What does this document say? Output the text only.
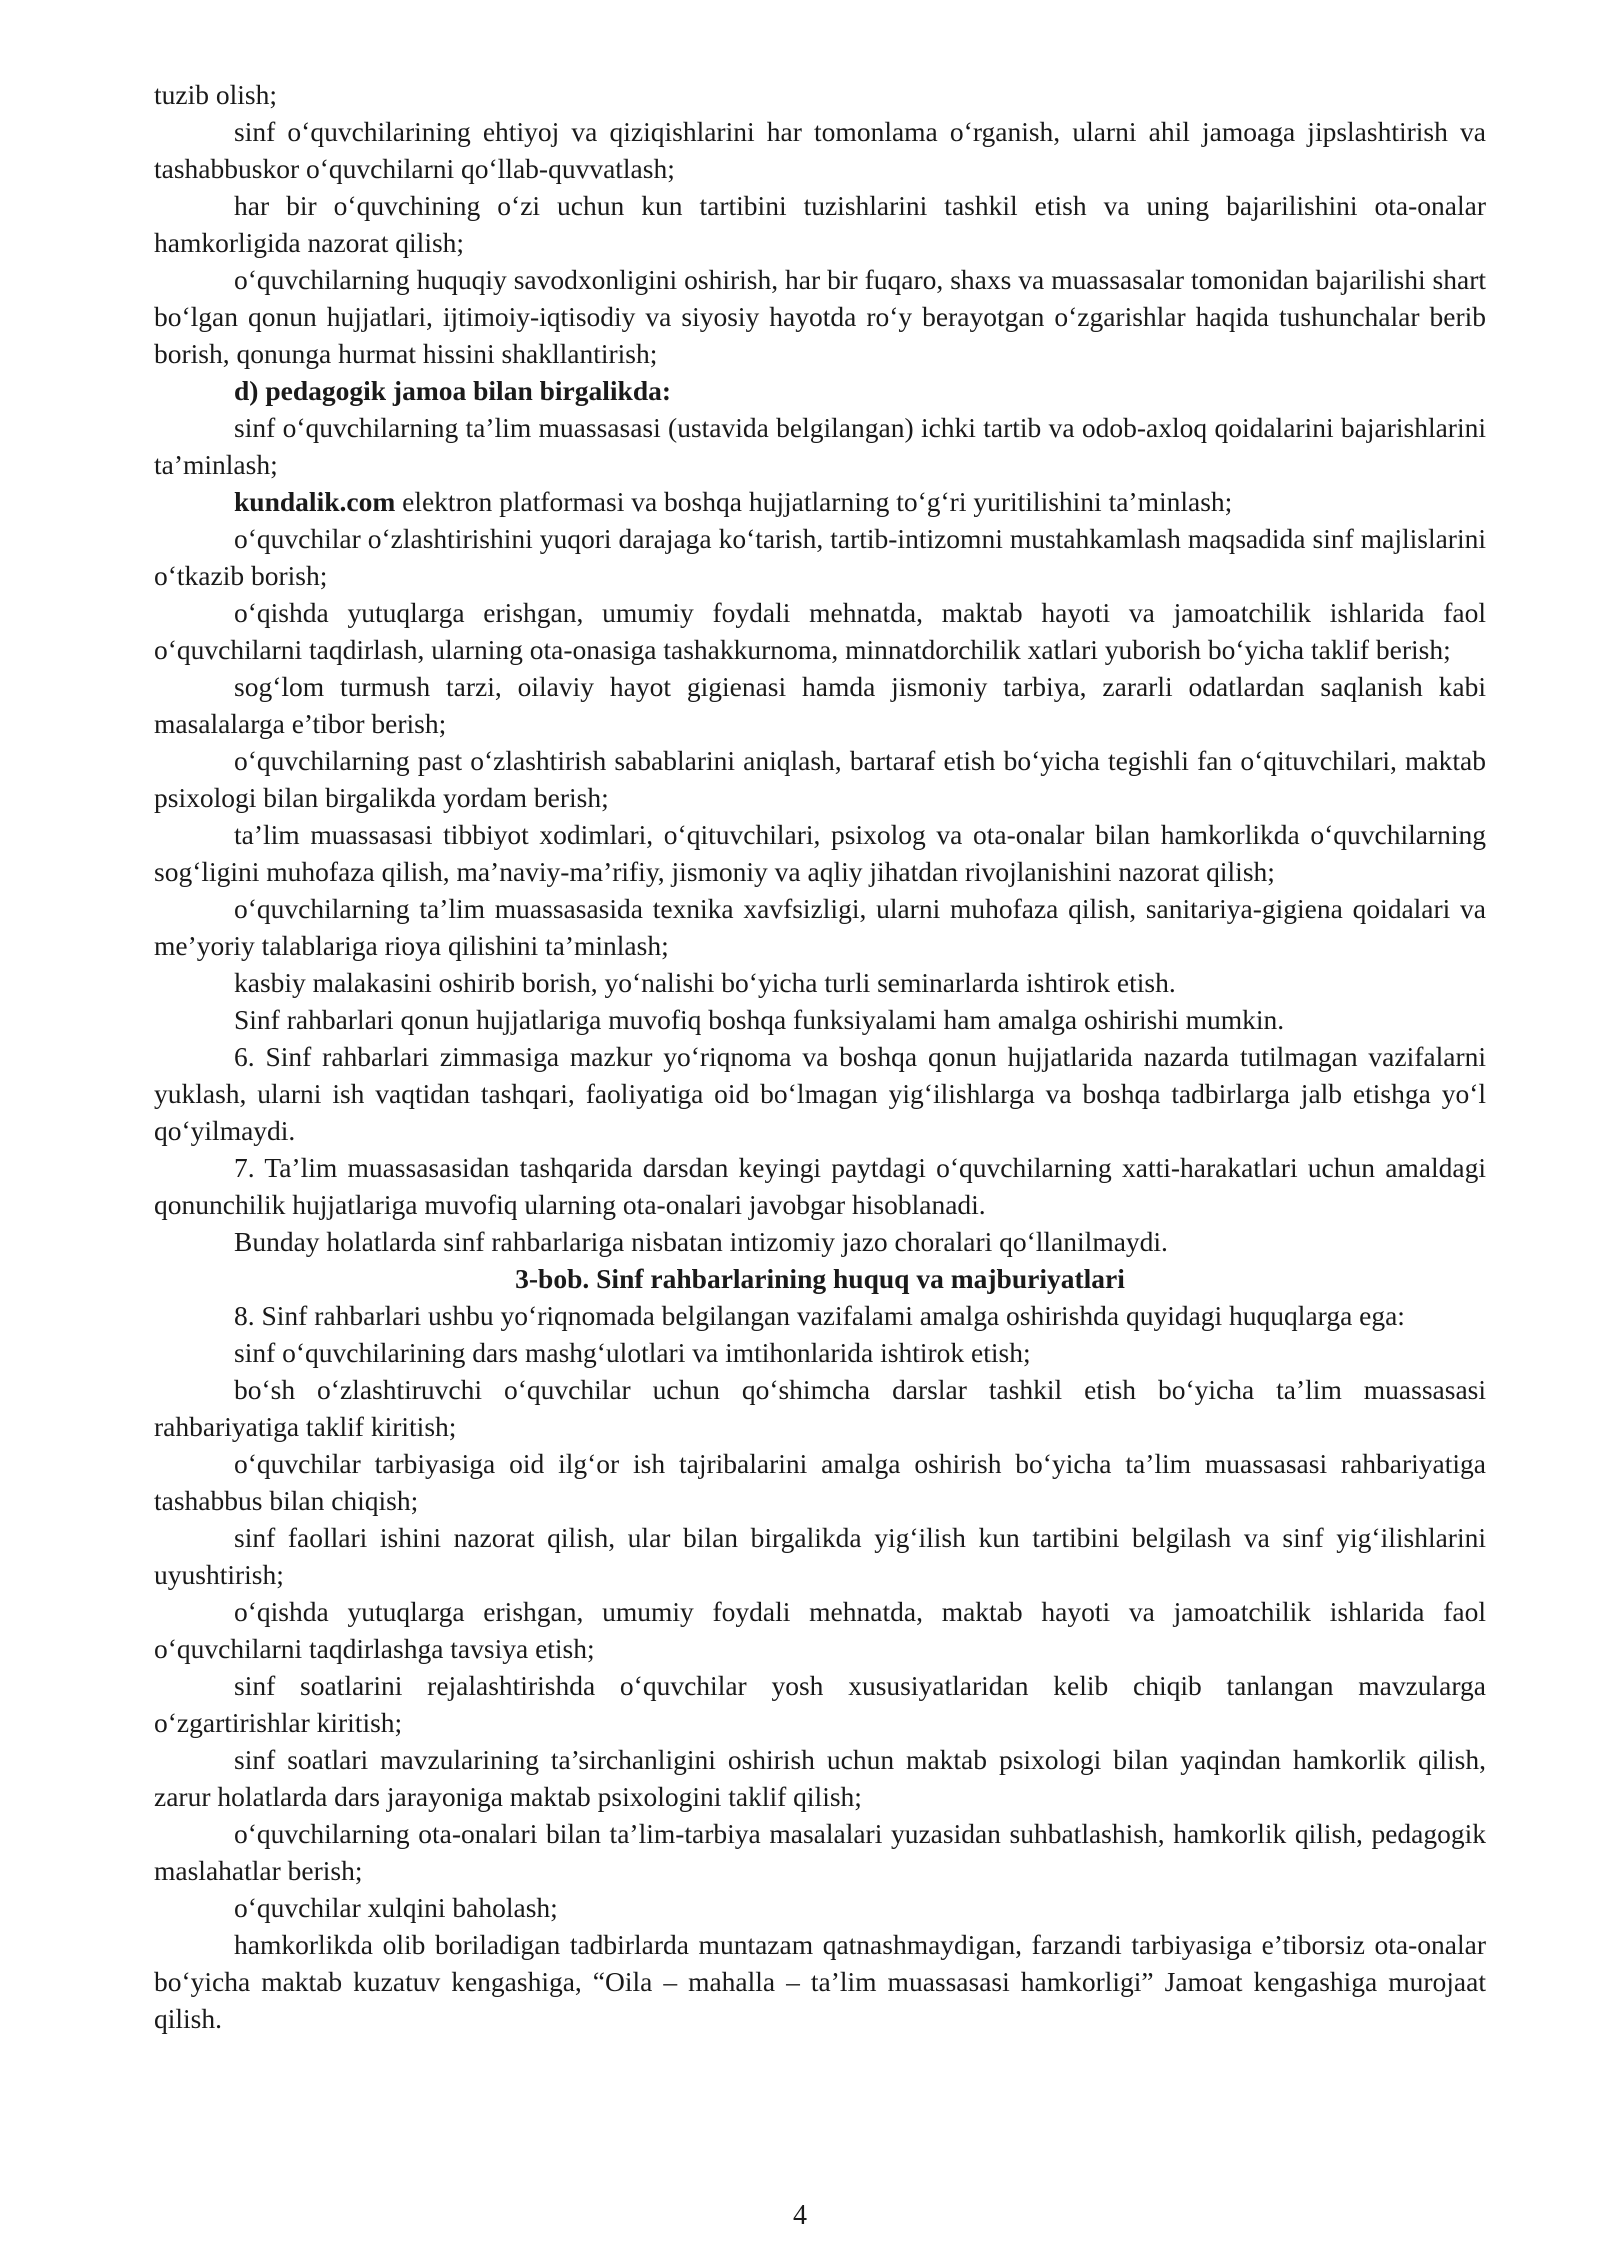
tuzib olish;

sinf o‘quvchilarining ehtiyoj va qiziqishlarini har tomonlama o‘rganish, ularni ahil jamoaga jipslashtirish va tashabbuskor o‘quvchilarni qo‘llab-quvvatlash;

har bir o‘quvchining o‘zi uchun kun tartibini tuzishlarini tashkil etish va uning bajarilishini ota-onalar hamkorligida nazorat qilish;

o‘quvchilarning huquqiy savodxonligini oshirish, har bir fuqaro, shaxs va muassasalar tomonidan bajarilishi shart bo‘lgan qonun hujjatlari, ijtimoiy-iqtisodiy va siyosiy hayotda ro‘y berayotgan o‘zgarishlar haqida tushunchalar berib borish, qonunga hurmat hissini shakllantirish;

d) pedagogik jamoa bilan birgalikda:

sinf o‘quvchilarning ta’lim muassasasi (ustavida belgilangan) ichki tartib va odob-axloq qoidalarini bajarishlarini ta’minlash;

kundalik.com elektron platformasi va boshqa hujjatlarning to‘g‘ri yuritilishini ta’minlash;

o‘quvchilar o‘zlashtirishini yuqori darajaga ko‘tarish, tartib-intizomni mustahkamlash maqsadida sinf majlislarini o‘tkazib borish;

o‘qishda yutuqlarga erishgan, umumiy foydali mehnatda, maktab hayoti va jamoatchilik ishlarida faol o‘quvchilarni taqdirlash, ularning ota-onasiga tashakkurnoma, minnatdorchilik xatlari yuborish bo‘yicha taklif berish;

sog‘lom turmush tarzi, oilaviy hayot gigienasi hamda jismoniy tarbiya, zararli odatlardan saqlanish kabi masalalarga e’tibor berish;

o‘quvchilarning past o‘zlashtirish sabablarini aniqlash, bartaraf etish bo‘yicha tegishli fan o‘qituvchilari, maktab psixologi bilan birgalikda yordam berish;

ta’lim muassasasi tibbiyot xodimlari, o‘qituvchilari, psixolog va ota-onalar bilan hamkorlikda o‘quvchilarning sog‘ligini muhofaza qilish, ma’naviy-ma’rifiy, jismoniy va aqliy jihatdan rivojlanishini nazorat qilish;

o‘quvchilarning ta’lim muassasasida texnika xavfsizligi, ularni muhofaza qilish, sanitariya-gigiena qoidalari va me’yoriy talablariga rioya qilishini ta’minlash;

kasbiy malakasini oshirib borish, yo‘nalishi bo‘yicha turli seminarlarda ishtirok etish.

Sinf rahbarlari qonun hujjatlariga muvofiq boshqa funksiyalami ham amalga oshirishi mumkin.

6. Sinf rahbarlari zimmasiga mazkur yo‘riqnoma va boshqa qonun hujjatlarida nazarda tutilmagan vazifalarni yuklash, ularni ish vaqtidan tashqari, faoliyatiga oid bo‘lmagan yig‘ilishlarga va boshqa tadbirlarga jalb etishga yo‘l qo‘yilmaydi.

7. Ta’lim muassasasidan tashqarida darsdan keyingi paytdagi o‘quvchilarning xatti-harakatlari uchun amaldagi qonunchilik hujjatlariga muvofiq ularning ota-onalari javobgar hisoblanadi.

Bunday holatlarda sinf rahbarlariga nisbatan intizomiy jazo choralari qo‘llanilmaydi.

3-bob. Sinf rahbarlarining huquq va majburiyatlari

8. Sinf rahbarlari ushbu yo‘riqnomada belgilangan vazifalami amalga oshirishda quyidagi huquqlarga ega:

sinf o‘quvchilarining dars mashg‘ulotlari va imtihonlarida ishtirok etish;

bo‘sh o‘zlashtiruvchi o‘quvchilar uchun qo‘shimcha darslar tashkil etish bo‘yicha ta’lim muassasasi rahbariyatiga taklif kiritish;

o‘quvchilar tarbiyasiga oid ilg‘or ish tajribalarini amalga oshirish bo‘yicha ta’lim muassasasi rahbariyatiga tashabbus bilan chiqish;

sinf faollari ishini nazorat qilish, ular bilan birgalikda yig‘ilish kun tartibini belgilash va sinf yig‘ilishlarini uyushtirish;

o‘qishda yutuqlarga erishgan, umumiy foydali mehnatda, maktab hayoti va jamoatchilik ishlarida faol o‘quvchilarni taqdirlashga tavsiya etish;

sinf soatlarini rejalashtirishda o‘quvchilar yosh xususiyatlaridan kelib chiqib tanlangan mavzularga o‘zgartirishlar kiritish;

sinf soatlari mavzularining ta’sirchanligini oshirish uchun maktab psixologi bilan yaqindan hamkorlik qilish, zarur holatlarda dars jarayoniga maktab psixologini taklif qilish;

o‘quvchilarning ota-onalari bilan ta’lim-tarbiya masalalari yuzasidan suhbatlashish, hamkorlik qilish, pedagogik maslahatlar berish;

o‘quvchilar xulqini baholash;

hamkorlikda olib boriladigan tadbirlarda muntazam qatnashmaydigan, farzandi tarbiyasiga e’tiborsiz ota-onalar bo‘yicha maktab kuzatuv kengashiga, “Oila – mahalla – ta’lim muassasasi hamkorligi” Jamoat kengashiga murojaat qilish.

4
